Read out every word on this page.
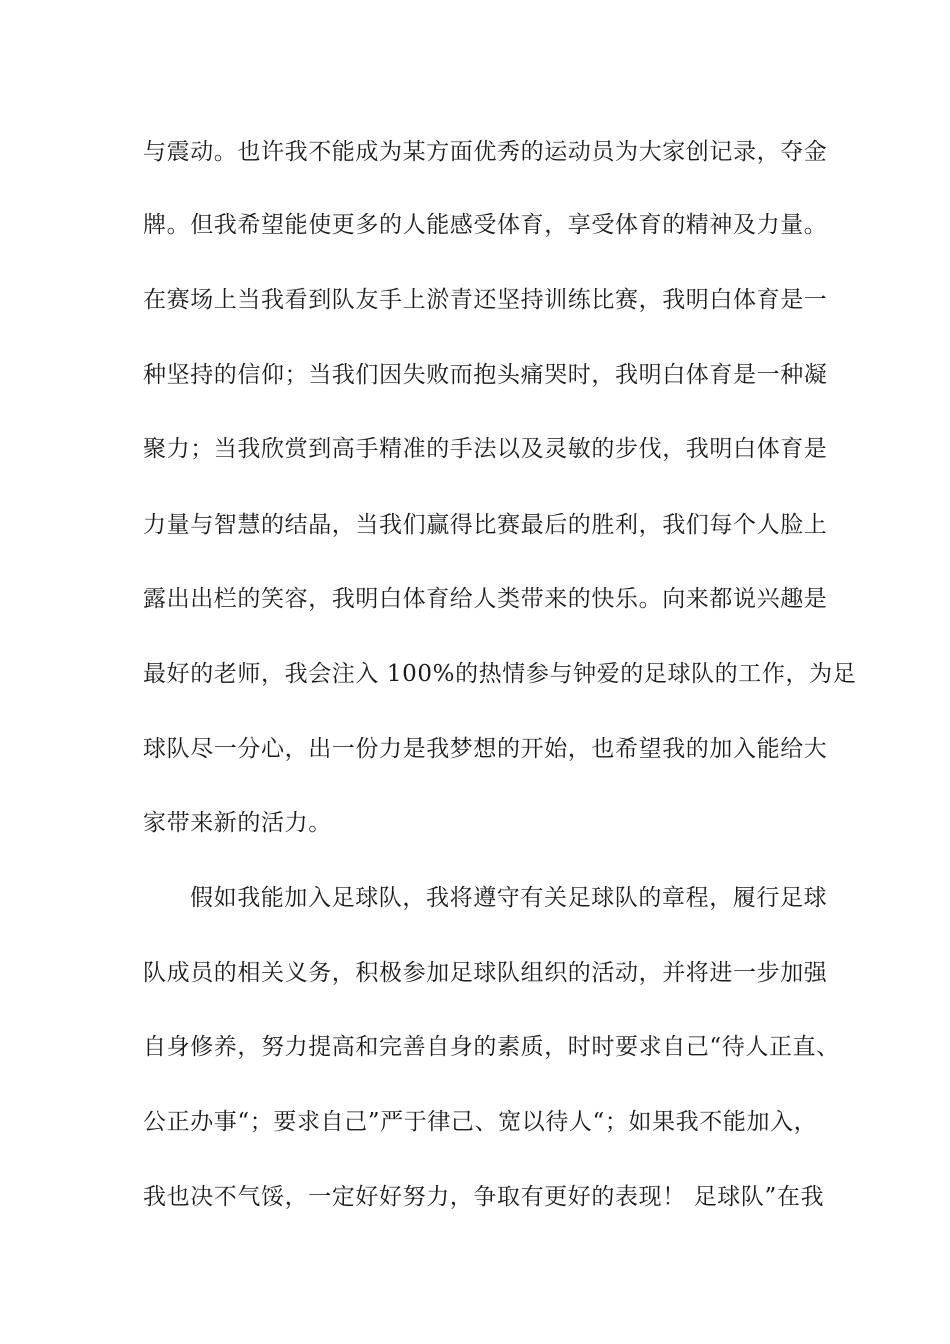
与震动。也许我不能成为某方面优秀的运动员为大家创记录，夺金
牌。但我希望能使更多的人能感受体育，享受体育的精神及力量。
在赛场上当我看到队友手上淤青还坚持训练比赛，我明白体育是一
种坚持的信仰；当我们因失败而抱头痛哭时，我明白体育是一种凝
聚力；当我欣赏到高手精准的手法以及灵敏的步伐，我明白体育是
力量与智慧的结晶，当我们赢得比赛最后的胜利，我们每个人脸上
露出出栏的笑容，我明白体育给人类带来的快乐。向来都说兴趣是
最好的老师，我会注入 100%的热情参与钟爱的足球队的工作，为足
球队尽一分心，出一份力是我梦想的开始，也希望我的加入能给大
家带来新的活力。
假如我能加入足球队，我将遵守有关足球队的章程，履行足球
队成员的相关义务，积极参加足球队组织的活动，并将进一步加强
自身修养，努力提高和完善自身的素质，时时要求自己“待人正直、
公正办事“；要求自己”严于律己、宽以待人“；如果我不能加入，
我也决不气馁，一定好好努力，争取有更好的表现！ 足球队”在我
